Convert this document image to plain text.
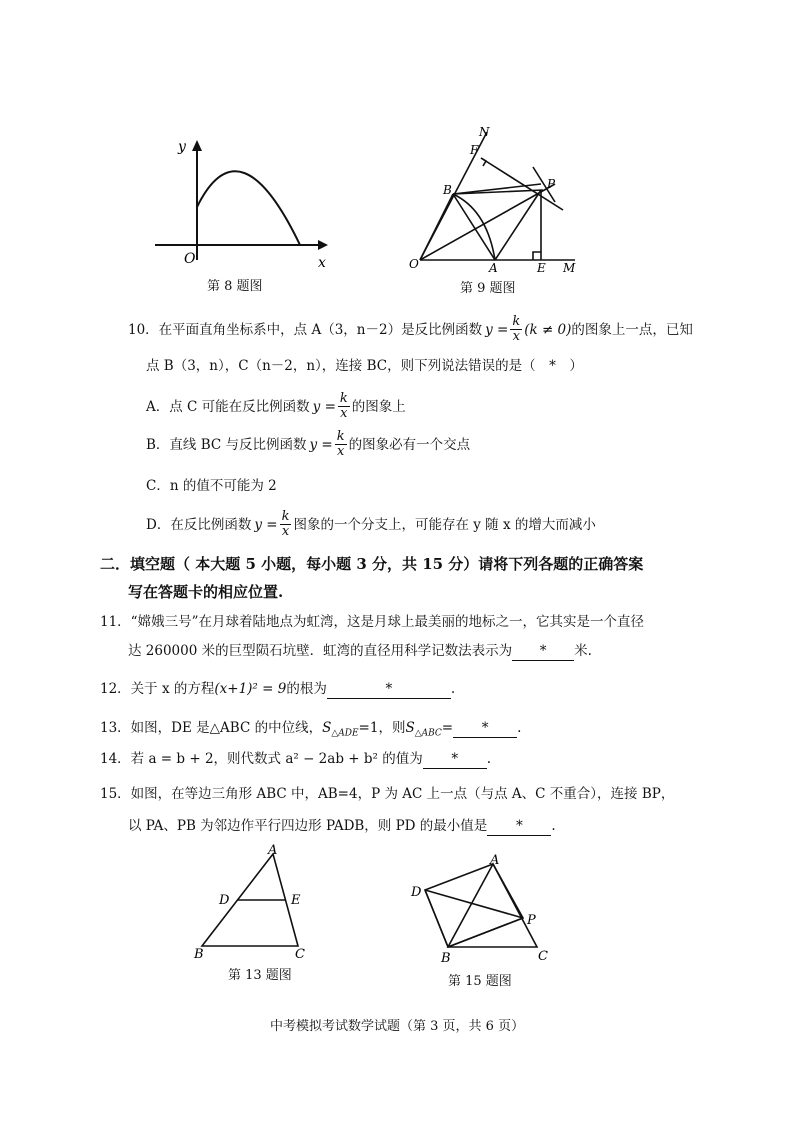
y
O	x
第 8 题图
N
F
B	P
O	A	E M
第 9 题图
10．在平面直角坐标系中，点 A（3，n－2）是反比例函数 $y = \frac{k}{x} (k \ne 0)$ 的图象上一点，已知
点 B（3，n），C（n－2，n），连接 BC，则下列说法错误的是（　*　）
A．点 C 可能在反比例函数 $y = \frac{k}{x}$ 的图象上
B．直线 BC 与反比例函数 $y = \frac{k}{x}$ 的图象必有一个交点
C．n 的值不可能为 2
D．在反比例函数 $y = \frac{k}{x}$ 图象的一个分支上，可能存在 y 随 x 的增大而减小
二．填空题（ 本大题 5 小题，每小题 3 分，共 15 分）请将下列各题的正确答案
写在答题卡的相应位置.
11．“嫦娥三号”在月球着陆地点为虹湾，这是月球上最美丽的地标之一，它其实是一个直径
达 260000 米的巨型陨石坑壁．虹湾的直径用科学记数法表示为 * 米.
12．关于 x 的方程(x+1)² = 9的根为	*	.
13．如图，DE 是△ABC 的中位线，$S_{\triangle ADE}=1$，则$S_{\triangle ABC}=$ * .
14．若 a = b + 2，则代数式 a² − 2ab + b² 的值为 * .
15．如图，在等边三角形 ABC 中，AB=4，P 为 AC 上一点（与点 A、C 不重合），连接 BP，
以 PA、PB 为邻边作平行四边形 PADB，则 PD 的最小值是 * .
A
D	E
B	C
第 13 题图
A
D
P
B	C
第 15 题图
中考模拟考试数学试题（第 3 页，共 6 页）
